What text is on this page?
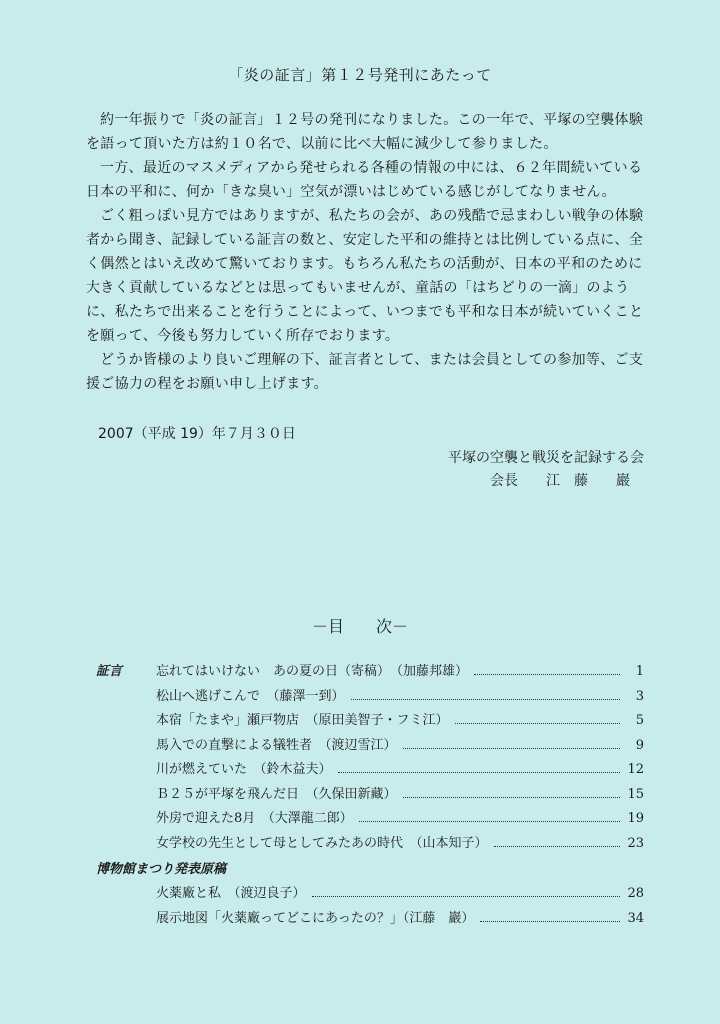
「炎の証言」第１２号発刊にあたって

約一年振りで「炎の証言」１２号の発刊になりました。この一年で、平塚の空襲体験を語って頂いた方は約１０名で、以前に比べ大幅に減少して参りました。

一方、最近のマスメディアから発せられる各種の情報の中には、６２年間続いている日本の平和に、何か「きな臭い」空気が漂いはじめている感じがしてなりません。

ごく粗っぽい見方ではありますが、私たちの会が、あの残酷で忌まわしい戦争の体験者から聞き、記録している証言の数と、安定した平和の維持とは比例している点に、全く偶然とはいえ改めて驚いております。もちろん私たちの活動が、日本の平和のために大きく貢献しているなどとは思ってもいませんが、童話の「はちどりの一滴」のように、私たちで出来ることを行うことによって、いつまでも平和な日本が続いていくことを願って、今後も努力していく所存でおります。

どうか皆様のより良いご理解の下、証言者として、または会員としての参加等、ご支援ご協力の程をお願い申し上げます。

2007（平成 19）年７月３０日
平塚の空襲と戦災を記録する会
会長　　江　藤　　巖
－目　　次－
証言	忘れてはいけない　あの夏の日（寄稿）　（加藤邦雄）	1
松山へ逃げこんで　（藤澤一到）	3
本宿「たまや」瀬戸物店　（原田美智子・フミ江）	5
馬入での直撃による犠牲者　（渡辺雪江）	9
川が燃えていた　（鈴木益夫）	12
Ｂ２５が平塚を飛んだ日　（久保田新藏）	15
外房で迎えた8月　（大澤龍二郎）	19
女学校の先生として母としてみたあの時代　（山本知子）	23
博物館まつり発表原稿
火薬廠と私　（渡辺良子）	28
展示地図「火薬廠ってどこにあったの？」（江藤　巖）	34
